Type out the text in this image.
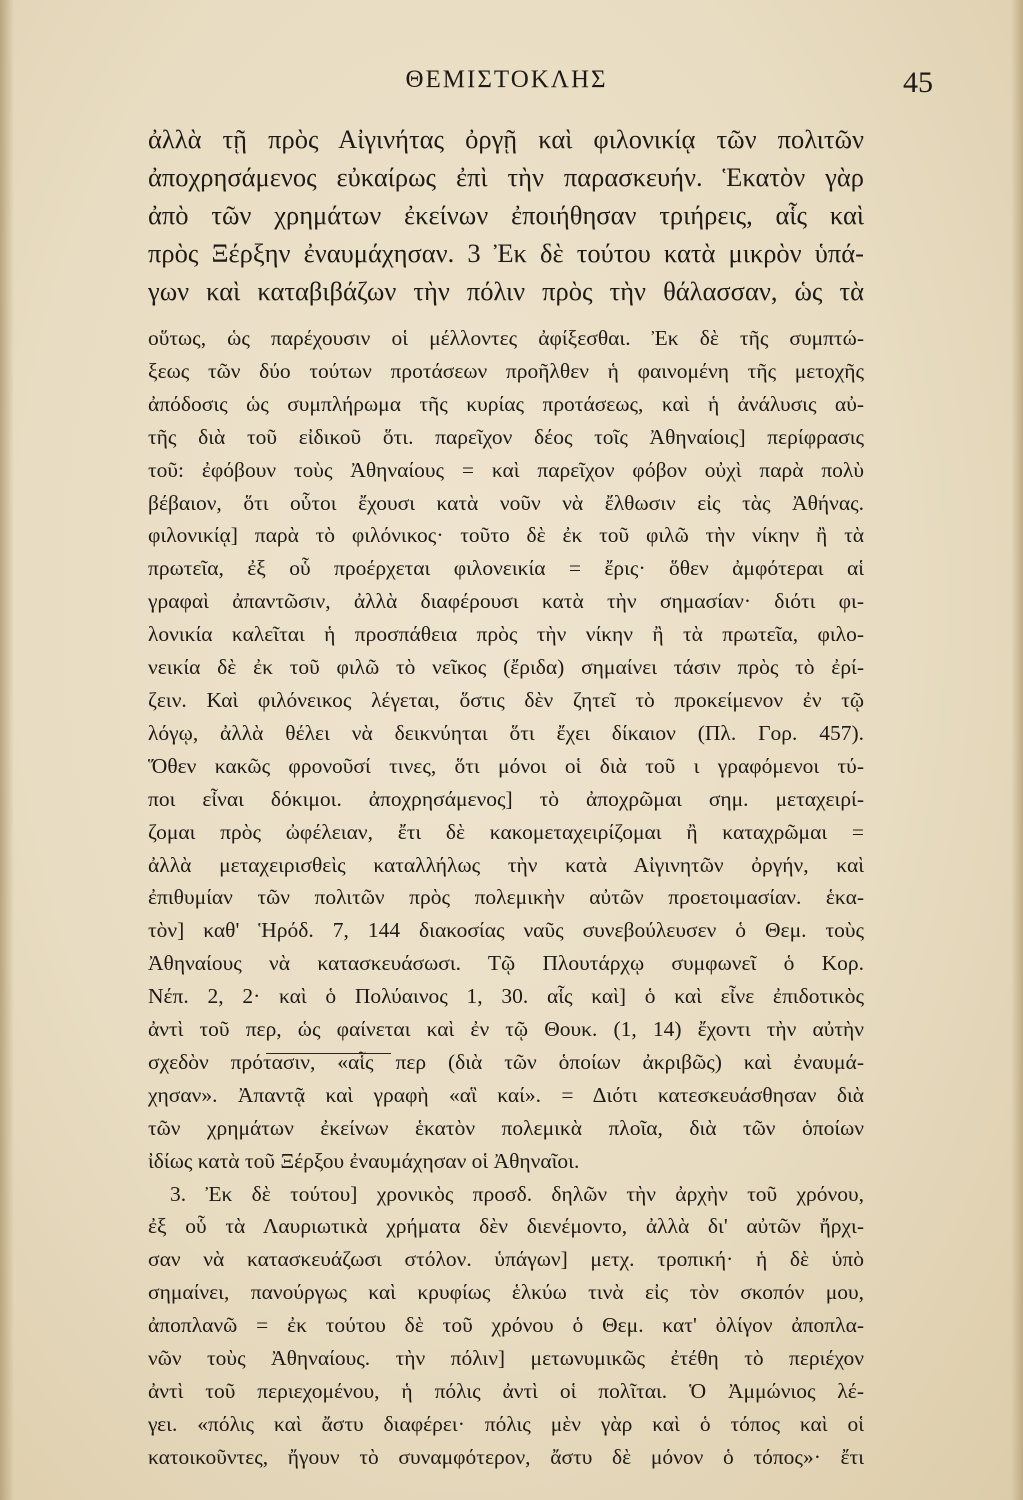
ΘΕΜΙΣΤΟΚΛΗΣ	45
ἀλλὰ τῇ πρὸς Αἰγινήτας ὀργῇ καὶ φιλονικίᾳ τῶν πολιτῶν
ἀποχρησάμενος εὐκαίρως ἐπὶ τὴν παρασκευήν. Ἑκατὸν γὰρ
ἀπὸ τῶν χρημάτων ἐκείνων ἐποιήθησαν τριήρεις, αἷς καὶ
πρὸς Ξέρξην ἐναυμάχησαν. 3 Ἐκ δὲ τούτου κατὰ μικρὸν ὑπά-
γων καὶ καταβιβάζων τὴν πόλιν πρὸς τὴν θάλασσαν, ὡς τὰ
οὕτως, ὡς παρέχουσιν οἱ μέλλοντες ἀφίξεσθαι. Ἐκ δὲ τῆς συμπτώ-
ξεως τῶν δύο τούτων προτάσεων προῆλθεν ἡ φαινομένη τῆς μετοχῆς
ἀπόδοσις ὡς συμπλήρωμα τῆς κυρίας προτάσεως, καὶ ἡ ἀνάλυσις αὐ-
τῆς διὰ τοῦ εἰδικοῦ ὅτι. παρεῖχον δέος τοῖς Ἀθηναίοις] περίφρασις
τοῦ: ἐφόβουν τοὺς Ἀθηναίους = καὶ παρεῖχον φόβον οὐχὶ παρὰ πολὺ
βέβαιον, ὅτι οὗτοι ἔχουσι κατὰ νοῦν νὰ ἔλθωσιν εἰς τὰς Ἀθήνας.
φιλονικίᾳ] παρὰ τὸ φιλόνικος· τοῦτο δὲ ἐκ τοῦ φιλῶ τὴν νίκην ἢ τὰ
πρωτεῖα, ἐξ οὗ προέρχεται φιλονεικία = ἔρις· ὅθεν ἀμφότεραι αἱ
γραφαὶ ἀπαντῶσιν, ἀλλὰ διαφέρουσι κατὰ τὴν σημασίαν· διότι φι-
λονικία καλεῖται ἡ προσπάθεια πρὸς τὴν νίκην ἢ τὰ πρωτεῖα, φιλο-
νεικία δὲ ἐκ τοῦ φιλῶ τὸ νεῖκος (ἔριδα) σημαίνει τάσιν πρὸς τὸ ἐρί-
ζειν. Καὶ φιλόνεικος λέγεται, ὅστις δὲν ζητεῖ τὸ προκείμενον ἐν τῷ
λόγῳ, ἀλλὰ θέλει νὰ δεικνύηται ὅτι ἔχει δίκαιον (Πλ. Γορ. 457).
Ὅθεν κακῶς φρονοῦσί τινες, ὅτι μόνοι οἱ διὰ τοῦ ι γραφόμενοι τύ-
ποι εἶναι δόκιμοι. ἀποχρησάμενος] τὸ ἀποχρῶμαι σημ. μεταχειρί-
ζομαι πρὸς ὠφέλειαν, ἔτι δὲ κακομεταχειρίζομαι ἢ καταχρῶμαι =
ἀλλὰ μεταχειρισθεὶς καταλλήλως τὴν κατὰ Αἰγινητῶν ὀργήν, καὶ
ἐπιθυμίαν τῶν πολιτῶν πρὸς πολεμικὴν αὐτῶν προετοιμασίαν. ἑκα-
τὸν] καθ' Ἡρόδ. 7, 144 διακοσίας ναῦς συνεβούλευσεν ὁ Θεμ. τοὺς
Ἀθηναίους νὰ κατασκευάσωσι. Τῷ Πλουτάρχῳ συμφωνεῖ ὁ Κορ.
Νέπ. 2, 2· καὶ ὁ Πολύαινος 1, 30. αἷς καὶ] ὁ καὶ εἶνε ἐπιδοτικὸς
ἀντὶ τοῦ περ, ὡς φαίνεται καὶ ἐν τῷ Θουκ. (1, 14) ἔχοντι τὴν αὐτὴν
σχεδὸν πρότασιν, «αἷς περ (διὰ τῶν ὁποίων ἀκριβῶς) καὶ ἐναυμά-
χησαν». Ἀπαντᾷ καὶ γραφὴ «αἳ καί». = Διότι κατεσκευάσθησαν διὰ
τῶν χρημάτων ἐκείνων ἑκατὸν πολεμικὰ πλοῖα, διὰ τῶν ὁποίων
ἰδίως κατὰ τοῦ Ξέρξου ἐναυμάχησαν οἱ Ἀθηναῖοι.
3. Ἐκ δὲ τούτου] χρονικὸς προσδ. δηλῶν τὴν ἀρχὴν τοῦ χρόνου,
ἐξ οὗ τὰ Λαυριωτικὰ χρήματα δὲν διενέμοντο, ἀλλὰ δι' αὐτῶν ἤρχι-
σαν νὰ κατασκευάζωσι στόλον. ὑπάγων] μετχ. τροπική· ἡ δὲ ὑπὸ
σημαίνει, πανούργως καὶ κρυφίως ἑλκύω τινὰ εἰς τὸν σκοπόν μου,
ἀποπλανῶ = ἐκ τούτου δὲ τοῦ χρόνου ὁ Θεμ. κατ' ὀλίγον ἀποπλα-
νῶν τοὺς Ἀθηναίους. τὴν πόλιν] μετωνυμικῶς ἐτέθη τὸ περιέχον
ἀντὶ τοῦ περιεχομένου, ἡ πόλις ἀντὶ οἱ πολῖται. Ὁ Ἀμμώνιος λέ-
γει. «πόλις καὶ ἄστυ διαφέρει· πόλις μὲν γὰρ καὶ ὁ τόπος καὶ οἱ
κατοικοῦντες, ἤγουν τὸ συναμφότερον, ἄστυ δὲ μόνον ὁ τόπος»· ἔτι
